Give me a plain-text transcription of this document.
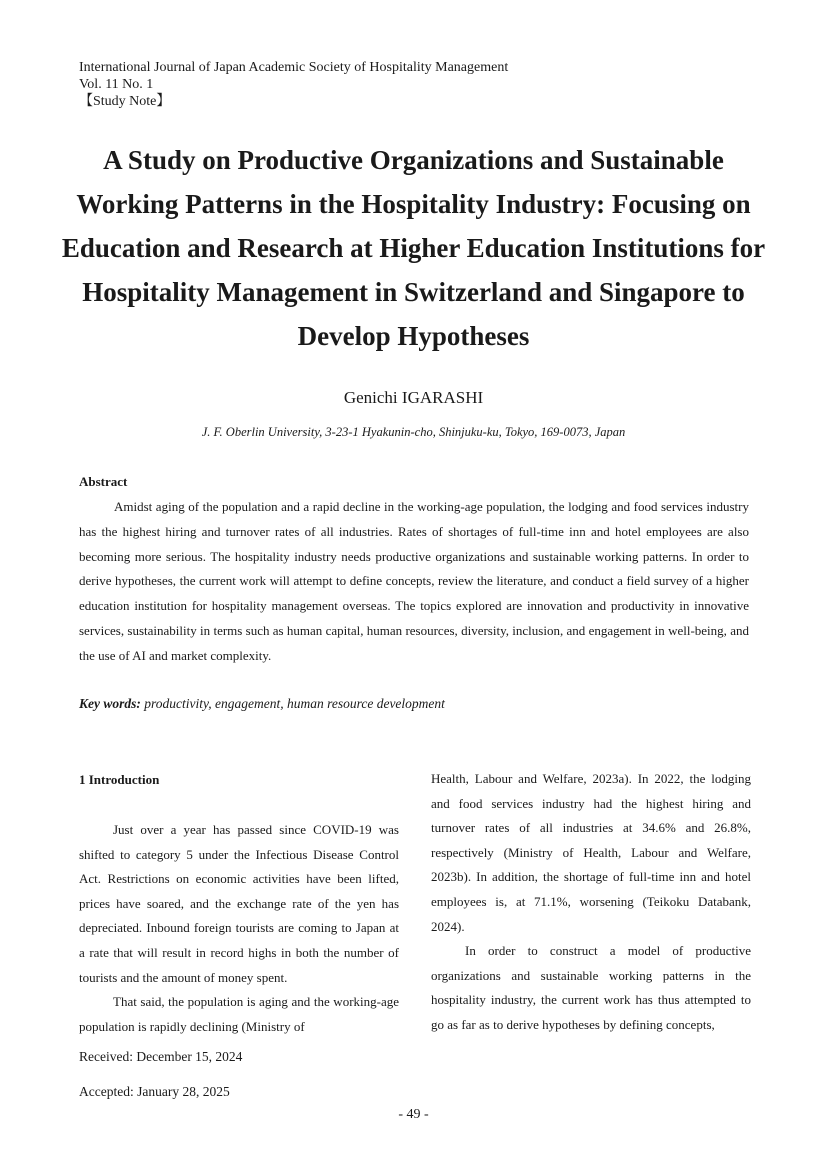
International Journal of Japan Academic Society of Hospitality Management
Vol. 11 No. 1
【Study Note】
A Study on Productive Organizations and Sustainable Working Patterns in the Hospitality Industry: Focusing on Education and Research at Higher Education Institutions for Hospitality Management in Switzerland and Singapore to Develop Hypotheses
Genichi IGARASHI
J. F. Oberlin University, 3-23-1 Hyakunin-cho, Shinjuku-ku, Tokyo, 169-0073, Japan
Abstract

Amidst aging of the population and a rapid decline in the working-age population, the lodging and food services industry has the highest hiring and turnover rates of all industries. Rates of shortages of full-time inn and hotel employees are also becoming more serious. The hospitality industry needs productive organizations and sustainable working patterns. In order to derive hypotheses, the current work will attempt to define concepts, review the literature, and conduct a field survey of a higher education institution for hospitality management overseas. The topics explored are innovation and productivity in innovative services, sustainability in terms such as human capital, human resources, diversity, inclusion, and engagement in well-being, and the use of AI and market complexity.

Key words: productivity, engagement, human resource development
1 Introduction

Just over a year has passed since COVID-19 was shifted to category 5 under the Infectious Disease Control Act. Restrictions on economic activities have been lifted, prices have soared, and the exchange rate of the yen has depreciated. Inbound foreign tourists are coming to Japan at a rate that will result in record highs in both the number of tourists and the amount of money spent.

That said, the population is aging and the working-age population is rapidly declining (Ministry of

Health, Labour and Welfare, 2023a). In 2022, the lodging and food services industry had the highest hiring and turnover rates of all industries at 34.6% and 26.8%, respectively (Ministry of Health, Labour and Welfare, 2023b). In addition, the shortage of full-time inn and hotel employees is, at 71.1%, worsening (Teikoku Databank, 2024).

In order to construct a model of productive organizations and sustainable working patterns in the hospitality industry, the current work has thus attempted to go as far as to derive hypotheses by defining concepts,

Received: December 15, 2024
Accepted: January 28, 2025
- 49 -
